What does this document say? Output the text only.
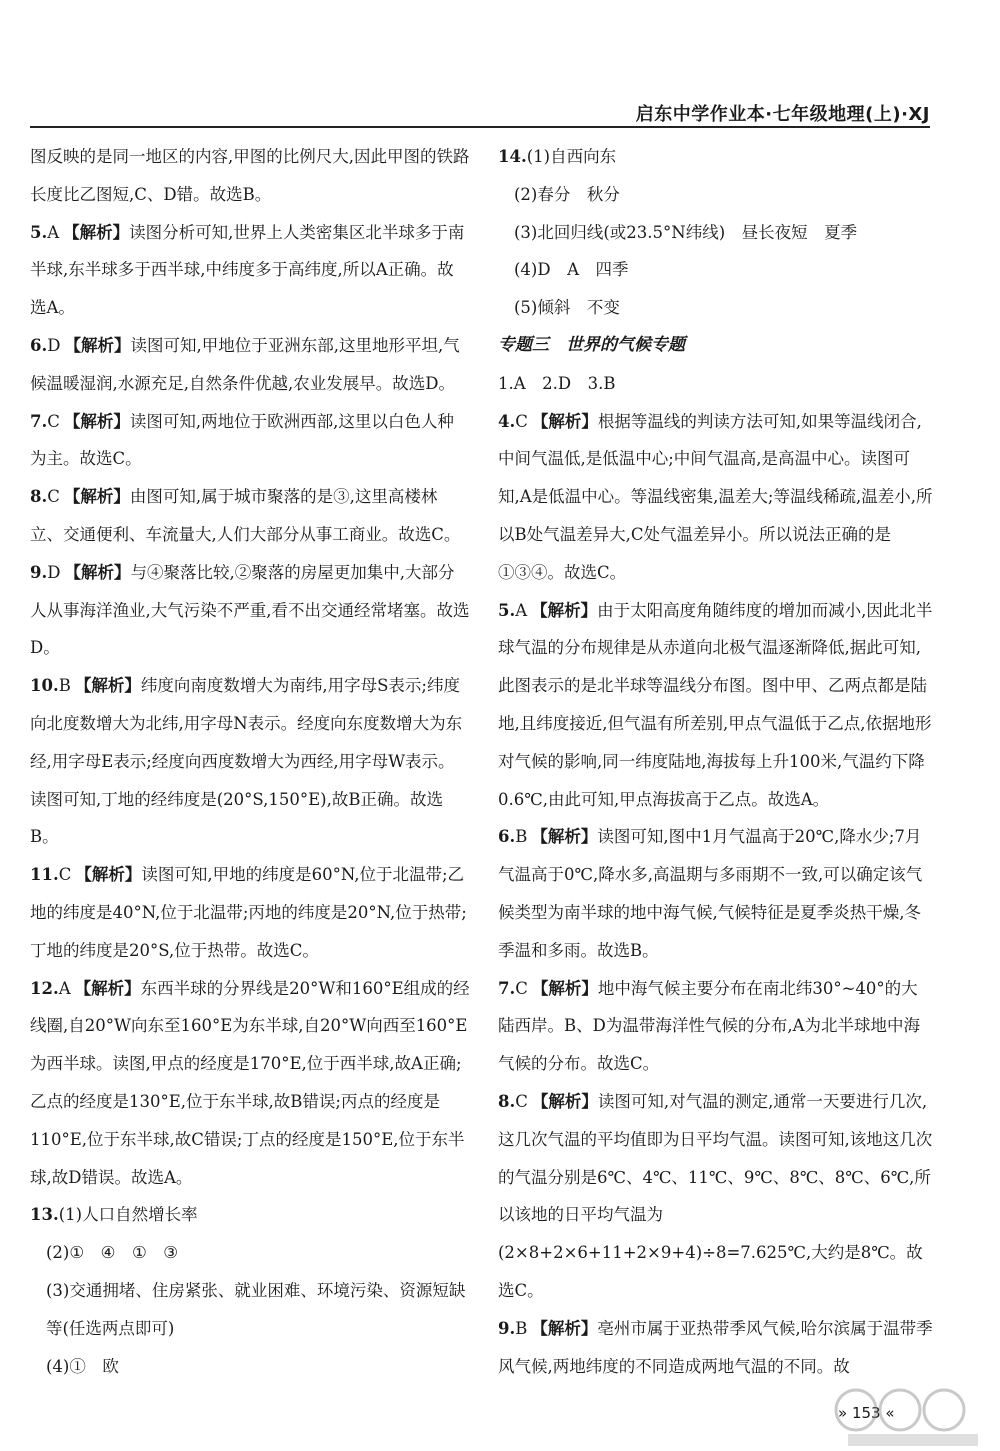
启东中学作业本·七年级地理(上)·XJ

图反映的是同一地区的内容,甲图的比例尺大,因此甲图的铁路长度比乙图短,C、D错。故选B。

5.A 【解析】读图分析可知,世界上人类密集区北半球多于南半球,东半球多于西半球,中纬度多于高纬度,所以A正确。故选A。

6.D 【解析】读图可知,甲地位于亚洲东部,这里地形平坦,气候温暖湿润,水源充足,自然条件优越,农业发展早。故选D。

7.C 【解析】读图可知,两地位于欧洲西部,这里以白色人种为主。故选C。

8.C 【解析】由图可知,属于城市聚落的是③,这里高楼林立、交通便利、车流量大,人们大部分从事工商业。故选C。

9.D 【解析】与④聚落比较,②聚落的房屋更加集中,大部分人从事海洋渔业,大气污染不严重,看不出交通经常堵塞。故选D。

10.B 【解析】纬度向南度数增大为南纬,用字母S表示;纬度向北度数增大为北纬,用字母N表示。经度向东度数增大为东经,用字母E表示;经度向西度数增大为西经,用字母W表示。读图可知,丁地的经纬度是(20°S,150°E),故B正确。故选B。

11.C 【解析】读图可知,甲地的纬度是60°N,位于北温带;乙地的纬度是40°N,位于北温带;丙地的纬度是20°N,位于热带;丁地的纬度是20°S,位于热带。故选C。

12.A 【解析】东西半球的分界线是20°W和160°E组成的经线圈,自20°W向东至160°E为东半球,自20°W向西至160°E为西半球。读图,甲点的经度是170°E,位于西半球,故A正确;乙点的经度是130°E,位于东半球,故B错误;丙点的经度是110°E,位于东半球,故C错误;丁点的经度是150°E,位于东半球,故D错误。故选A。

13.(1)人口自然增长率

(2)①　④　①　③

(3)交通拥堵、住房紧张、就业困难、环境污染、资源短缺等(任选两点即可)

(4)①　欧

14.(1)自西向东

(2)春分　秋分

(3)北回归线(或23.5°N纬线)　昼长夜短　夏季

(4)D　A　四季

(5)倾斜　不变

专题三　世界的气候专题

1.A　2.D　3.B

4.C 【解析】根据等温线的判读方法可知,如果等温线闭合,中间气温低,是低温中心;中间气温高,是高温中心。读图可知,A是低温中心。等温线密集,温差大;等温线稀疏,温差小,所以B处气温差异大,C处气温差异小。所以说法正确的是①③④。故选C。

5.A 【解析】由于太阳高度角随纬度的增加而减小,因此北半球气温的分布规律是从赤道向北极气温逐渐降低,据此可知,此图表示的是北半球等温线分布图。图中甲、乙两点都是陆地,且纬度接近,但气温有所差别,甲点气温低于乙点,依据地形对气候的影响,同一纬度陆地,海拔每上升100米,气温约下降0.6℃,由此可知,甲点海拔高于乙点。故选A。

6.B 【解析】读图可知,图中1月气温高于20℃,降水少;7月气温高于0℃,降水多,高温期与多雨期不一致,可以确定该气候类型为南半球的地中海气候,气候特征是夏季炎热干燥,冬季温和多雨。故选B。

7.C 【解析】地中海气候主要分布在南北纬30°~40°的大陆西岸。B、D为温带海洋性气候的分布,A为北半球地中海气候的分布。故选C。

8.C 【解析】读图可知,对气温的测定,通常一天要进行几次,这几次气温的平均值即为日平均气温。读图可知,该地这几次的气温分别是6℃、4℃、11℃、9℃、8℃、8℃、6℃,所以该地的日平均气温为(2×8+2×6+11+2×9+4)÷8=7.625℃,大约是8℃。故选C。

9.B 【解析】亳州市属于亚热带季风气候,哈尔滨属于温带季风气候,两地纬度的不同造成两地气温的不同。故

» 153 «
